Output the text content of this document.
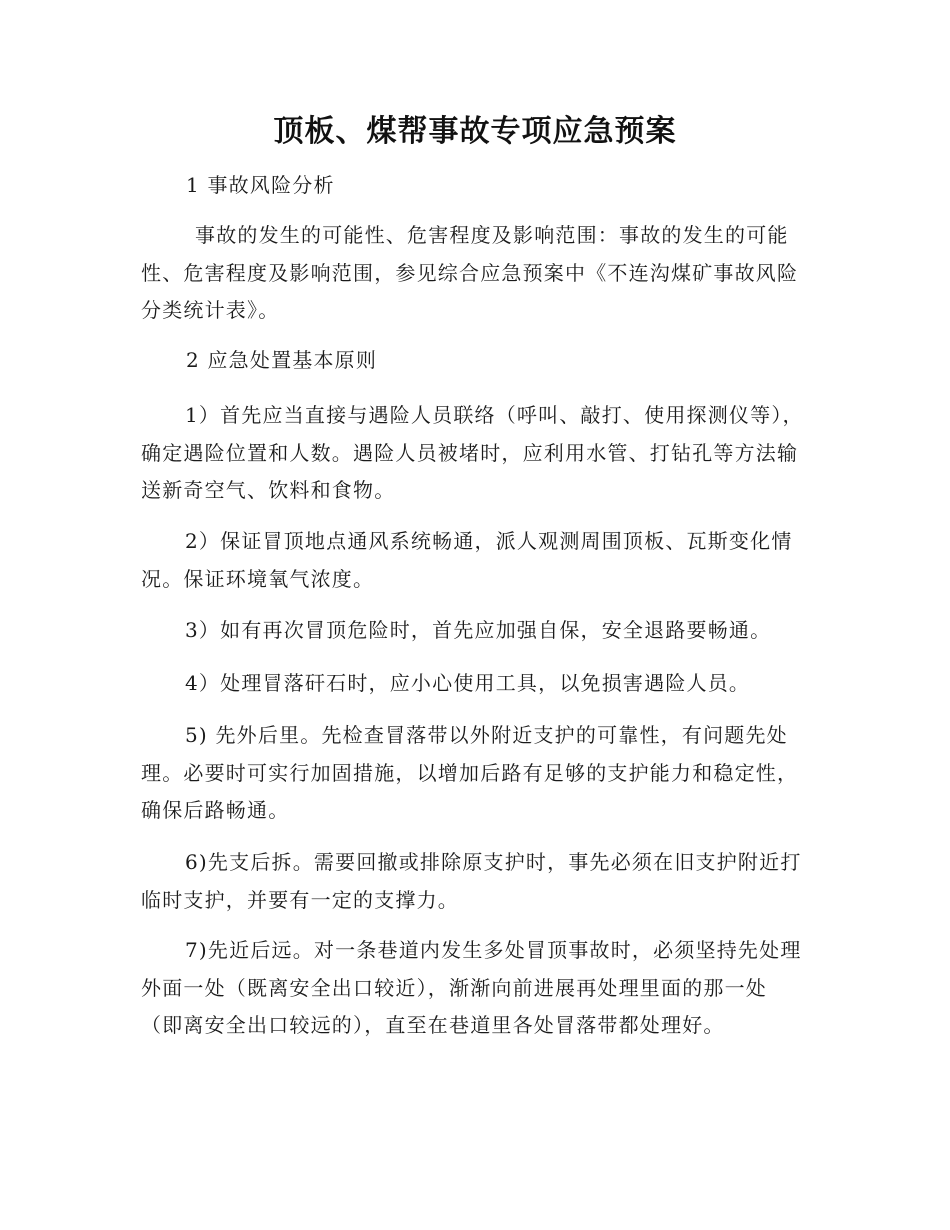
顶板、煤帮事故专项应急预案

1 事故风险分析

事故的发生的可能性、危害程度及影响范围：事故的发生的可能性、危害程度及影响范围，参见综合应急预案中《不连沟煤矿事故风险分类统计表》。

2 应急处置基本原则

1）首先应当直接与遇险人员联络（呼叫、敲打、使用探测仪等），确定遇险位置和人数。遇险人员被堵时，应利用水管、打钻孔等方法输送新奇空气、饮料和食物。

2）保证冒顶地点通风系统畅通，派人观测周围顶板、瓦斯变化情况。保证环境氧气浓度。

3）如有再次冒顶危险时，首先应加强自保，安全退路要畅通。

4）处理冒落矸石时，应小心使用工具，以免损害遇险人员。

5) 先外后里。先检查冒落带以外附近支护的可靠性，有问题先处理。必要时可实行加固措施，以增加后路有足够的支护能力和稳定性，确保后路畅通。

6)先支后拆。需要回撤或排除原支护时，事先必须在旧支护附近打临时支护，并要有一定的支撑力。

7)先近后远。对一条巷道内发生多处冒顶事故时，必须坚持先处理外面一处（既离安全出口较近），渐渐向前进展再处理里面的那一处（即离安全出口较远的），直至在巷道里各处冒落带都处理好。
